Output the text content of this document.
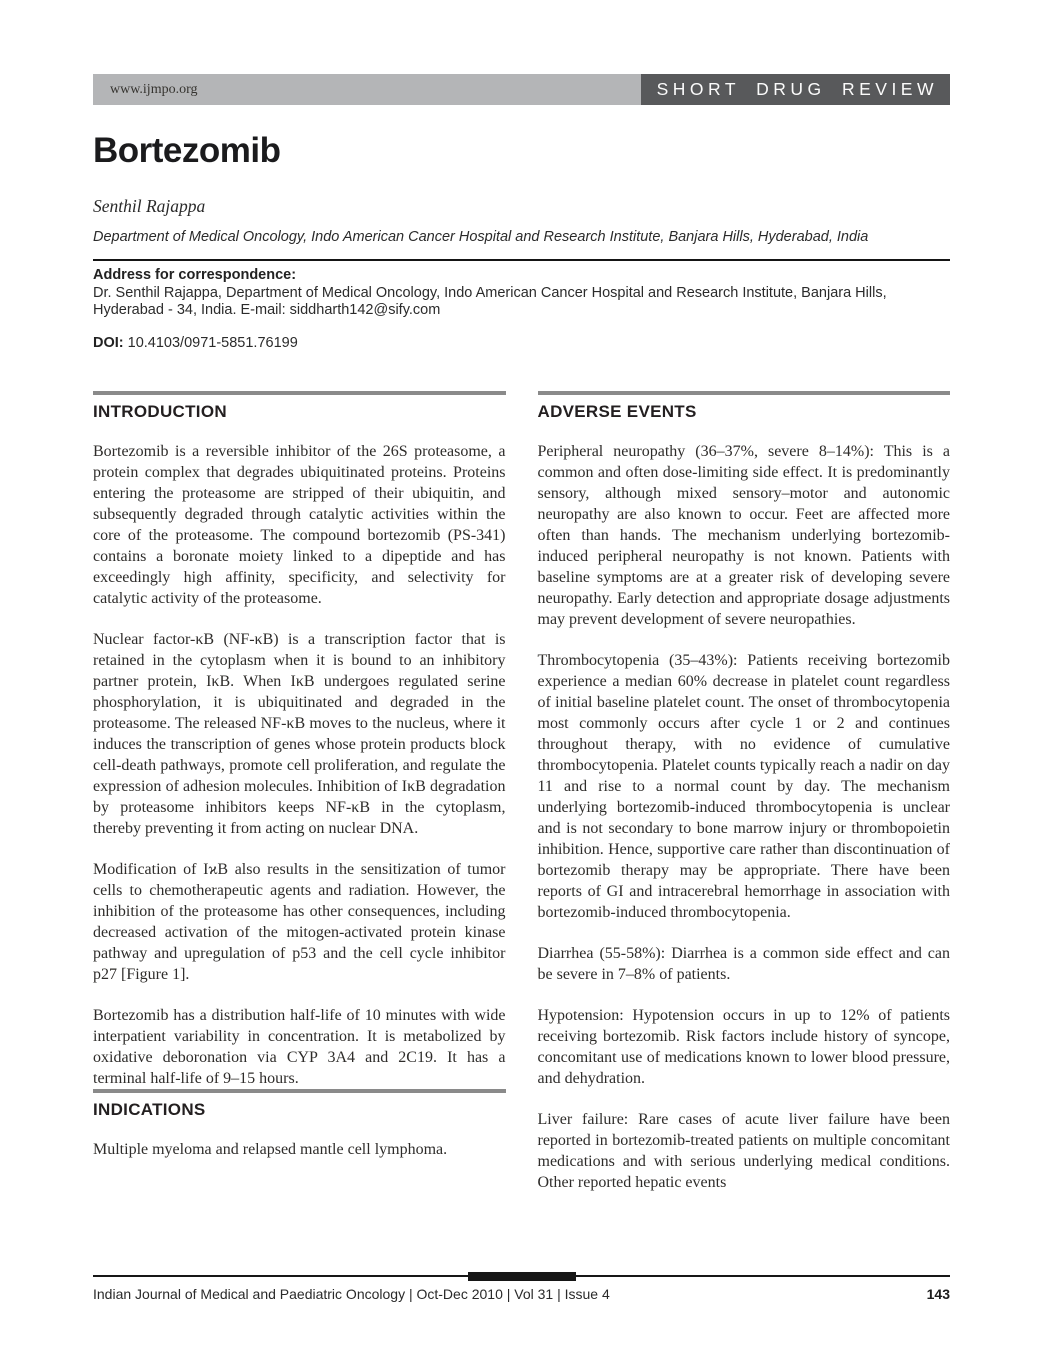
www.ijmpo.org	SHORT DRUG REVIEW
Bortezomib
Senthil Rajappa
Department of Medical Oncology, Indo American Cancer Hospital and Research Institute, Banjara Hills, Hyderabad, India
Address for correspondence:
Dr. Senthil Rajappa, Department of Medical Oncology, Indo American Cancer Hospital and Research Institute, Banjara Hills, Hyderabad - 34, India. E-mail: siddharth142@sify.com
DOI: 10.4103/0971-5851.76199
INTRODUCTION

Bortezomib is a reversible inhibitor of the 26S proteasome, a protein complex that degrades ubiquitinated proteins. Proteins entering the proteasome are stripped of their ubiquitin, and subsequently degraded through catalytic activities within the core of the proteasome. The compound bortezomib (PS-341) contains a boronate moiety linked to a dipeptide and has exceedingly high affinity, specificity, and selectivity for catalytic activity of the proteasome.

Nuclear factor-κB (NF-κB) is a transcription factor that is retained in the cytoplasm when it is bound to an inhibitory partner protein, IκB. When IκB undergoes regulated serine phosphorylation, it is ubiquitinated and degraded in the proteasome. The released NF-κB moves to the nucleus, where it induces the transcription of genes whose protein products block cell-death pathways, promote cell proliferation, and regulate the expression of adhesion molecules. Inhibition of IκB degradation by proteasome inhibitors keeps NF-κB in the cytoplasm, thereby preventing it from acting on nuclear DNA.

Modification of IϰB also results in the sensitization of tumor cells to chemotherapeutic agents and radiation. However, the inhibition of the proteasome has other consequences, including decreased activation of the mitogen-activated protein kinase pathway and upregulation of p53 and the cell cycle inhibitor p27 [Figure 1].

Bortezomib has a distribution half-life of 10 minutes with wide interpatient variability in concentration. It is metabolized by oxidative deboronation via CYP 3A4 and 2C19. It has a terminal half-life of 9–15 hours.

INDICATIONS

Multiple myeloma and relapsed mantle cell lymphoma.

ADVERSE EVENTS

Peripheral neuropathy (36–37%, severe 8–14%): This is a common and often dose-limiting side effect. It is predominantly sensory, although mixed sensory–motor and autonomic neuropathy are also known to occur. Feet are affected more often than hands. The mechanism underlying bortezomib-induced peripheral neuropathy is not known. Patients with baseline symptoms are at a greater risk of developing severe neuropathy. Early detection and appropriate dosage adjustments may prevent development of severe neuropathies.

Thrombocytopenia (35–43%): Patients receiving bortezomib experience a median 60% decrease in platelet count regardless of initial baseline platelet count. The onset of thrombocytopenia most commonly occurs after cycle 1 or 2 and continues throughout therapy, with no evidence of cumulative thrombocytopenia. Platelet counts typically reach a nadir on day 11 and rise to a normal count by day. The mechanism underlying bortezomib-induced thrombocytopenia is unclear and is not secondary to bone marrow injury or thrombopoietin inhibition. Hence, supportive care rather than discontinuation of bortezomib therapy may be appropriate. There have been reports of GI and intracerebral hemorrhage in association with bortezomib-induced thrombocytopenia.

Diarrhea (55-58%): Diarrhea is a common side effect and can be severe in 7–8% of patients.

Hypotension: Hypotension occurs in up to 12% of patients receiving bortezomib. Risk factors include history of syncope, concomitant use of medications known to lower blood pressure, and dehydration.

Liver failure: Rare cases of acute liver failure have been reported in bortezomib-treated patients on multiple concomitant medications and with serious underlying medical conditions. Other reported hepatic events

Indian Journal of Medical and Paediatric Oncology | Oct-Dec 2010 | Vol 31 | Issue 4	143
